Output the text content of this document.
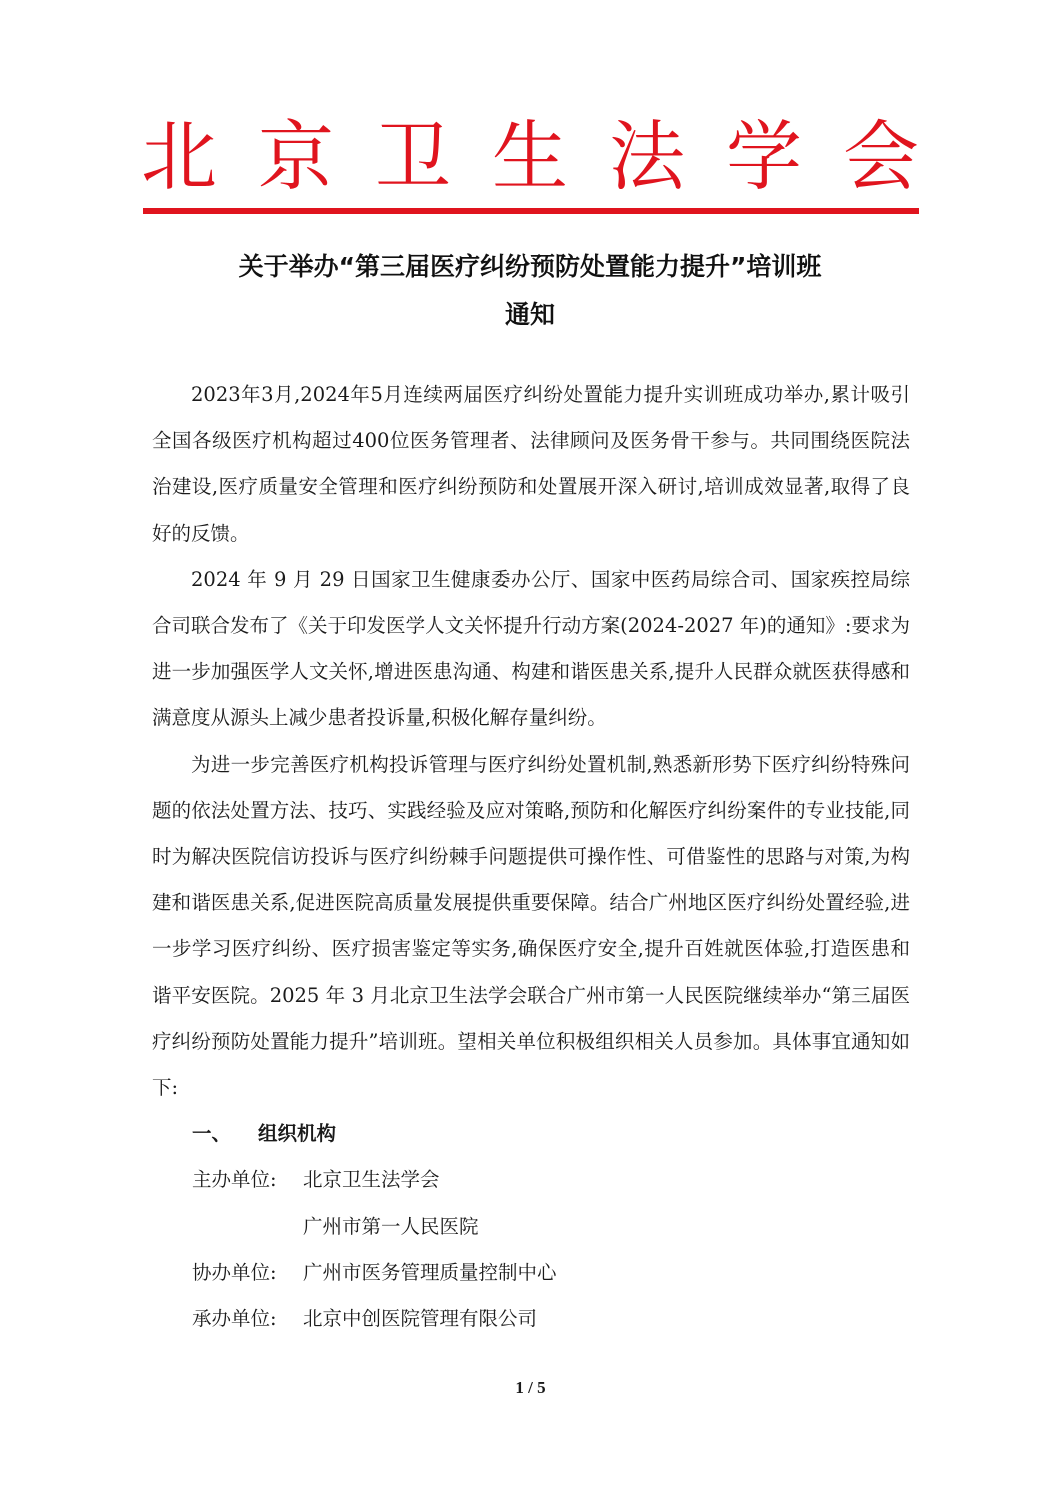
北 京 卫 生 法 学 会
关于举办“第三届医疗纠纷预防处置能力提升”培训班
通知

2023年3月,2024年5月连续两届医疗纠纷处置能力提升实训班成功举办,累计吸引全国各级医疗机构超过400位医务管理者、法律顾问及医务骨干参与。共同围绕医院法治建设,医疗质量安全管理和医疗纠纷预防和处置展开深入研讨,培训成效显著,取得了良好的反馈。

2024 年 9 月 29 日国家卫生健康委办公厅、国家中医药局综合司、国家疾控局综合司联合发布了《关于印发医学人文关怀提升行动方案(2024-2027 年)的通知》:要求为进一步加强医学人文关怀,增进医患沟通、构建和谐医患关系,提升人民群众就医获得感和满意度从源头上减少患者投诉量,积极化解存量纠纷。

为进一步完善医疗机构投诉管理与医疗纠纷处置机制,熟悉新形势下医疗纠纷特殊问题的依法处置方法、技巧、实践经验及应对策略,预防和化解医疗纠纷案件的专业技能,同时为解决医院信访投诉与医疗纠纷棘手问题提供可操作性、可借鉴性的思路与对策,为构建和谐医患关系,促进医院高质量发展提供重要保障。结合广州地区医疗纠纷处置经验,进一步学习医疗纠纷、医疗损害鉴定等实务,确保医疗安全,提升百姓就医体验,打造医患和谐平安医院。2025 年 3 月北京卫生法学会联合广州市第一人民医院继续举办“第三届医疗纠纷预防处置能力提升”培训班。望相关单位积极组织相关人员参加。具体事宜通知如下:

一、 组织机构
主办单位: 北京卫生法学会
广州市第一人民医院
协办单位: 广州市医务管理质量控制中心
承办单位: 北京中创医院管理有限公司
1 / 5
